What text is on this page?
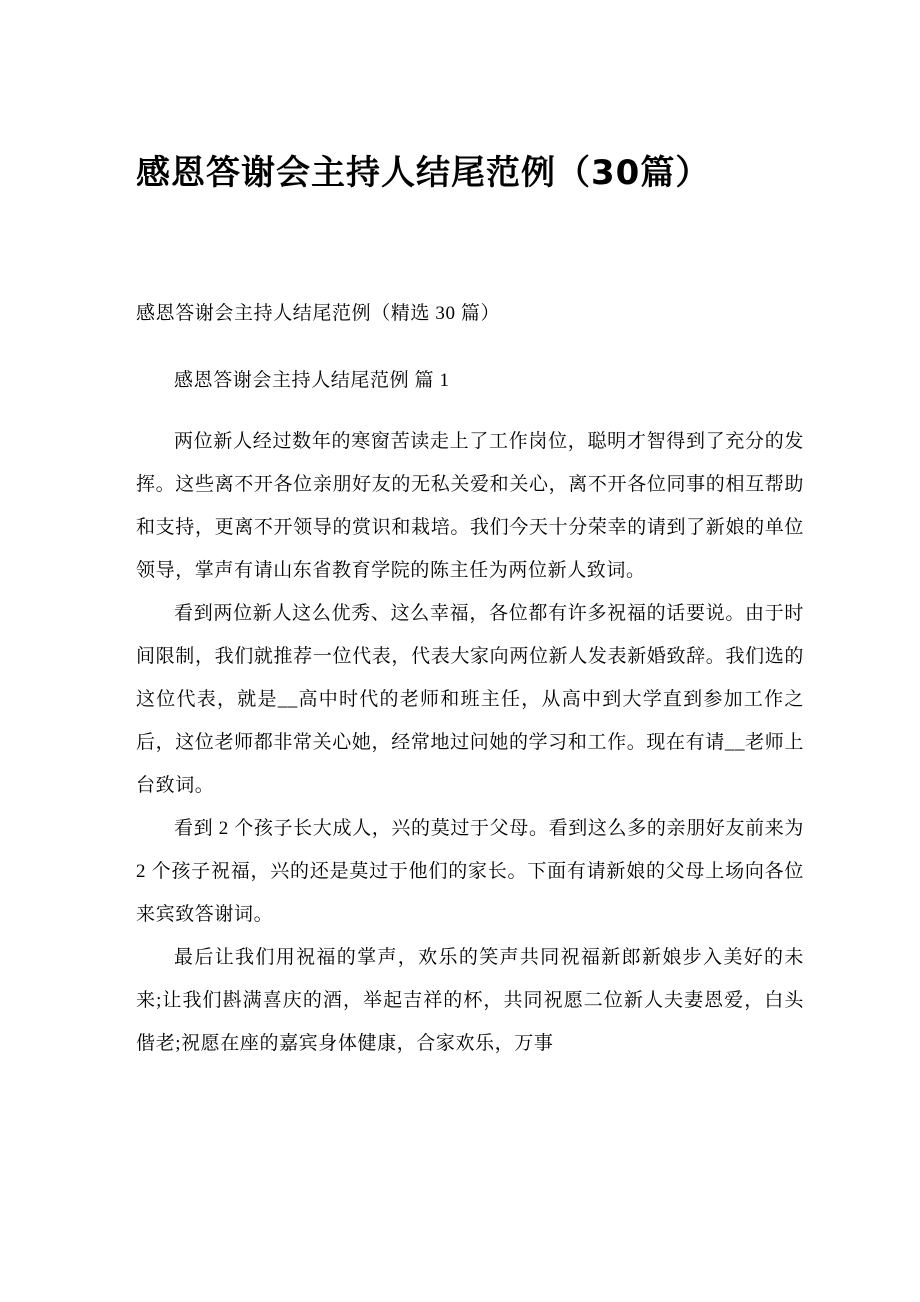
感恩答谢会主持人结尾范例（30篇）

感恩答谢会主持人结尾范例（精选 30 篇）

感恩答谢会主持人结尾范例 篇 1

两位新人经过数年的寒窗苦读走上了工作岗位，聪明才智得到了充分的发挥。这些离不开各位亲朋好友的无私关爱和关心，离不开各位同事的相互帮助和支持，更离不开领导的赏识和栽培。我们今天十分荣幸的请到了新娘的单位领导，掌声有请山东省教育学院的陈主任为两位新人致词。

看到两位新人这么优秀、这么幸福，各位都有许多祝福的话要说。由于时间限制，我们就推荐一位代表，代表大家向两位新人发表新婚致辞。我们选的这位代表，就是__高中时代的老师和班主任，从高中到大学直到参加工作之后，这位老师都非常关心她，经常地过问她的学习和工作。现在有请__老师上台致词。

看到 2 个孩子长大成人，兴的莫过于父母。看到这么多的亲朋好友前来为 2 个孩子祝福，兴的还是莫过于他们的家长。下面有请新娘的父母上场向各位来宾致答谢词。

最后让我们用祝福的掌声，欢乐的笑声共同祝福新郎新娘步入美好的未来;让我们斟满喜庆的酒，举起吉祥的杯，共同祝愿二位新人夫妻恩爱，白头偕老;祝愿在座的嘉宾身体健康，合家欢乐，万事
